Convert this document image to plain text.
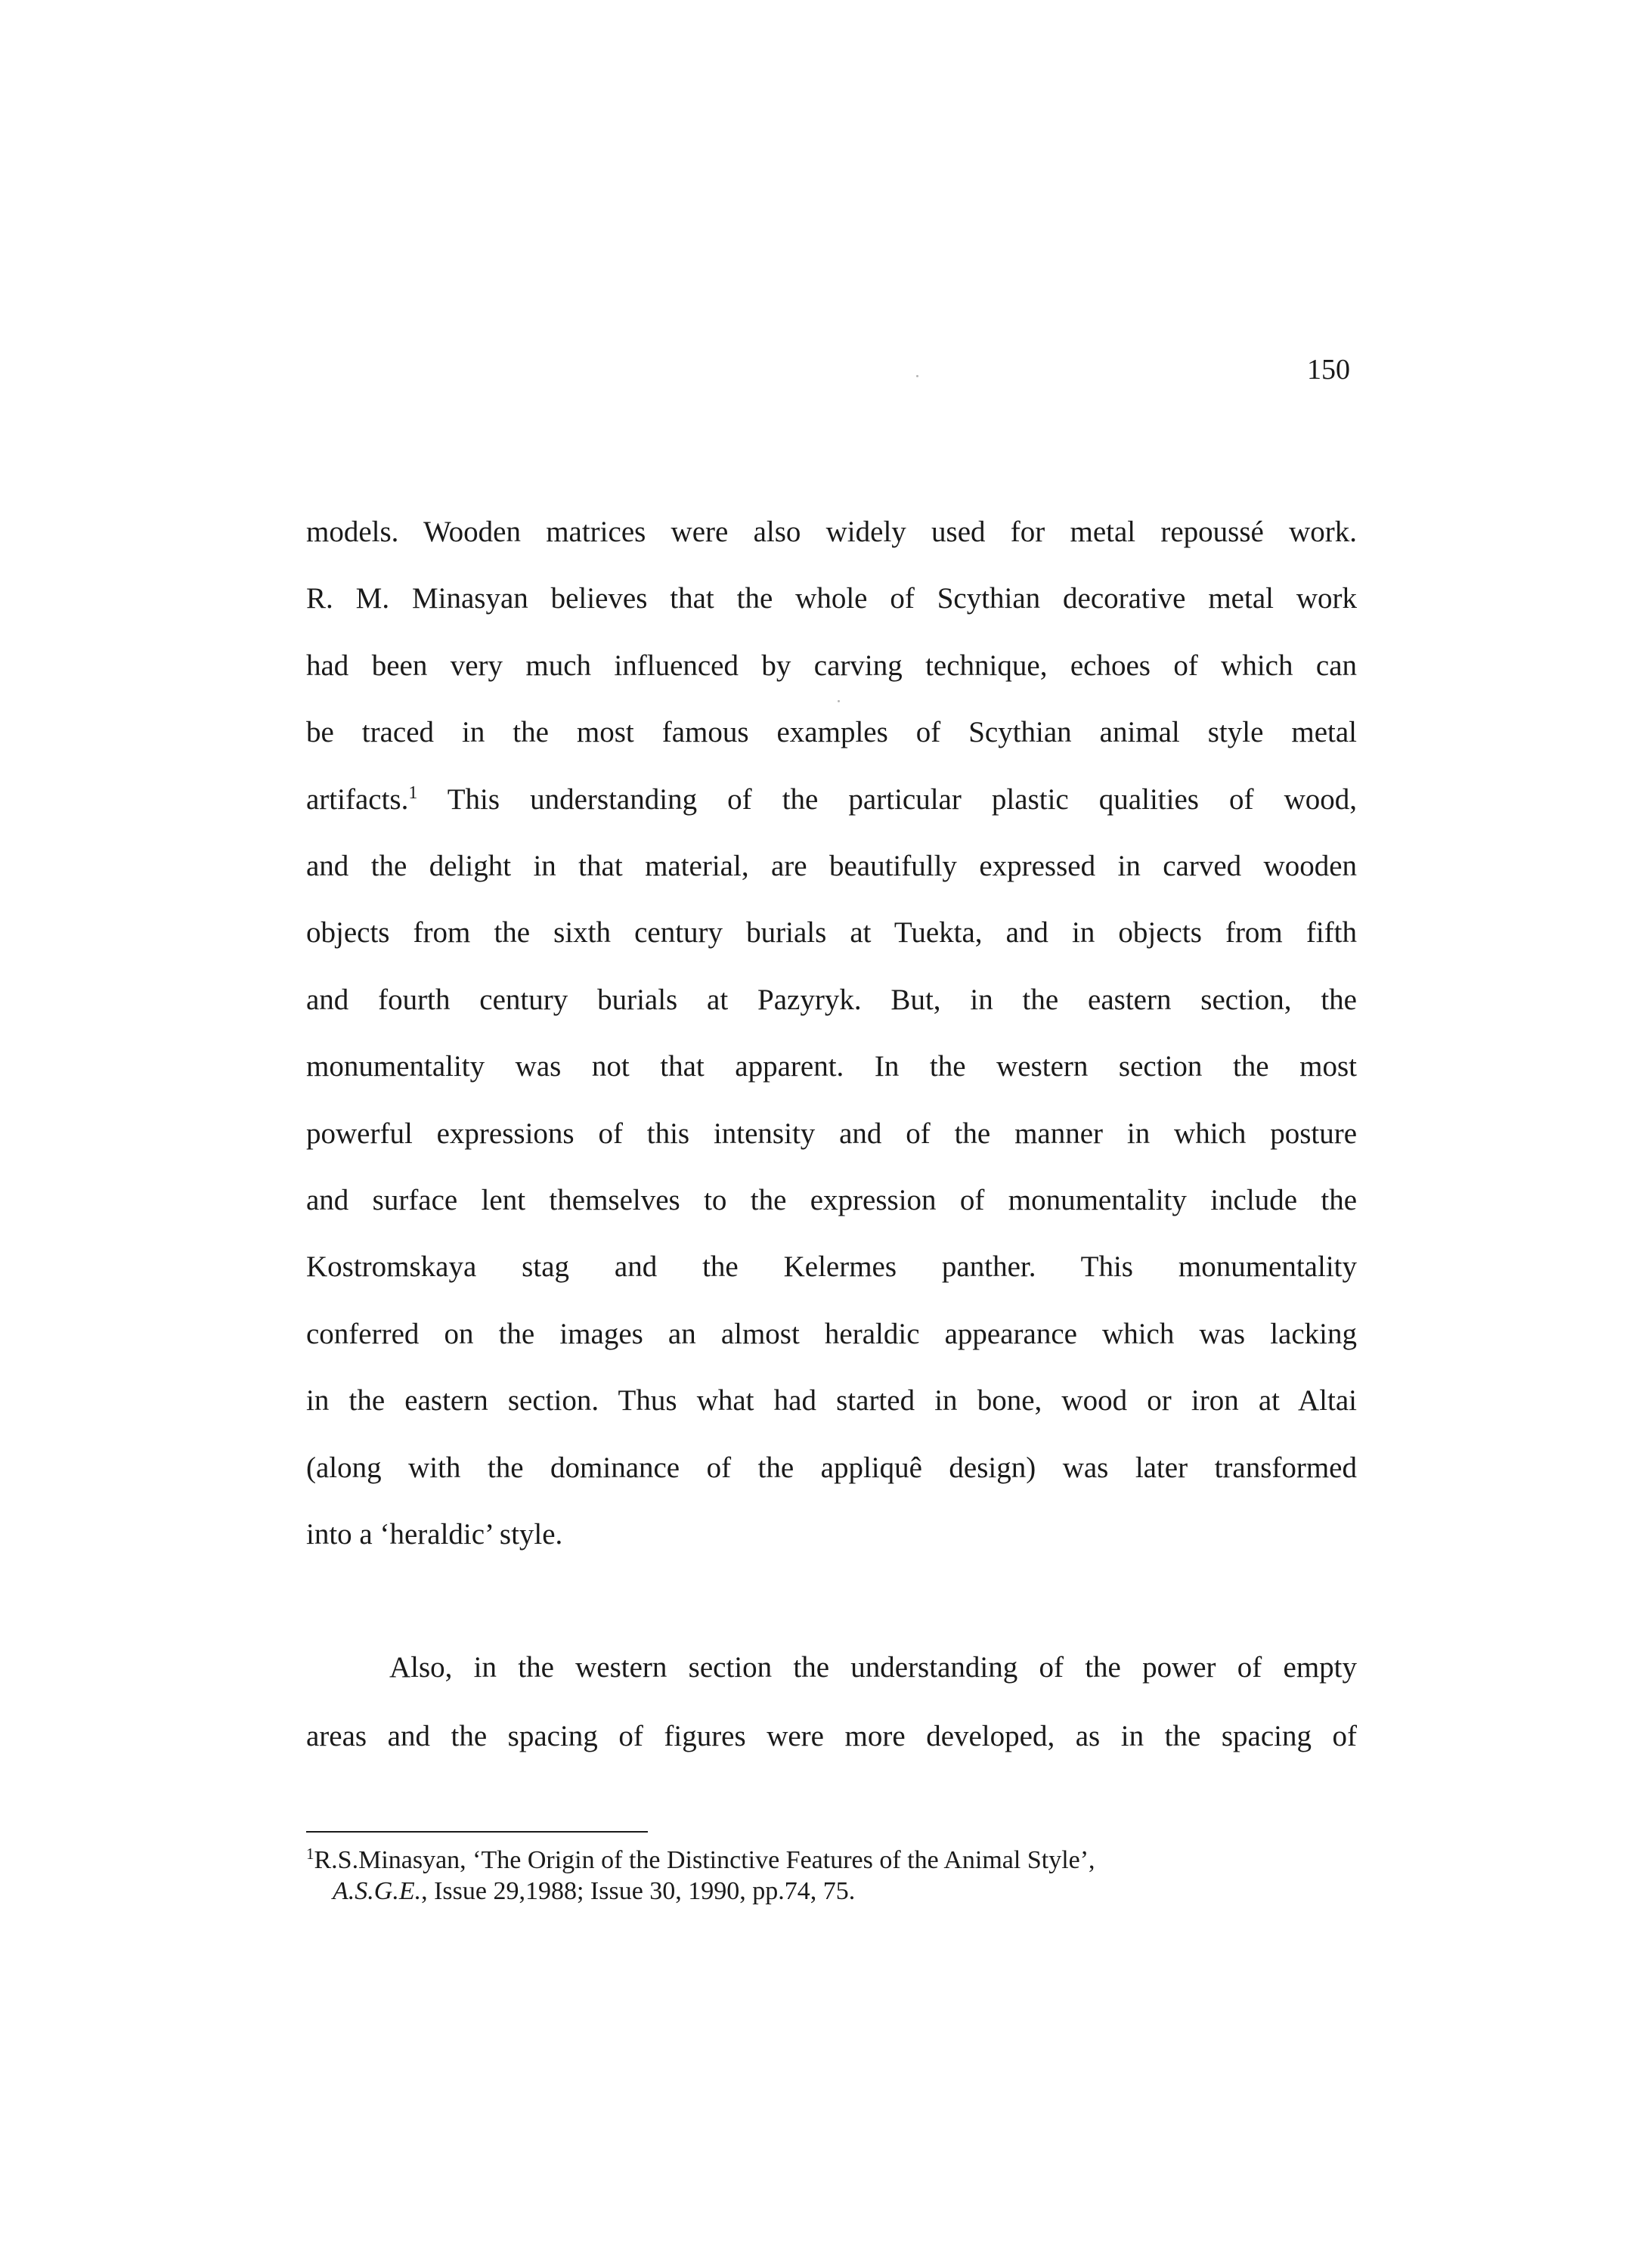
150
models. Wooden matrices were also widely used for metal repoussé work.
R. M. Minasyan believes that the whole of Scythian decorative metal work
had been very much influenced by carving technique, echoes of which can
be traced in the most famous examples of Scythian animal style metal
artifacts.$^1$ This understanding of the particular plastic qualities of wood,
and the delight in that material, are beautifully expressed in carved wooden
objects from the sixth century burials at Tuekta, and in objects from fifth
and fourth century burials at Pazyryk. But, in the eastern section, the
monumentality was not that apparent. In the western section the most
powerful expressions of this intensity and of the manner in which posture
and surface lent themselves to the expression of monumentality include the
Kostromskaya stag and the Kelermes panther. This monumentality
conferred on the images an almost heraldic appearance which was lacking
in the eastern section. Thus what had started in bone, wood or iron at Altai
(along with the dominance of the appliquê design) was later transformed
into a ‘heraldic’ style.
Also, in the western section the understanding of the power of empty
areas and the spacing of figures were more developed, as in the spacing of
$^1$R.S.Minasyan, ‘The Origin of the Distinctive Features of the Animal Style’,
A.S.G.E., Issue 29,1988; Issue 30, 1990, pp.74, 75.
